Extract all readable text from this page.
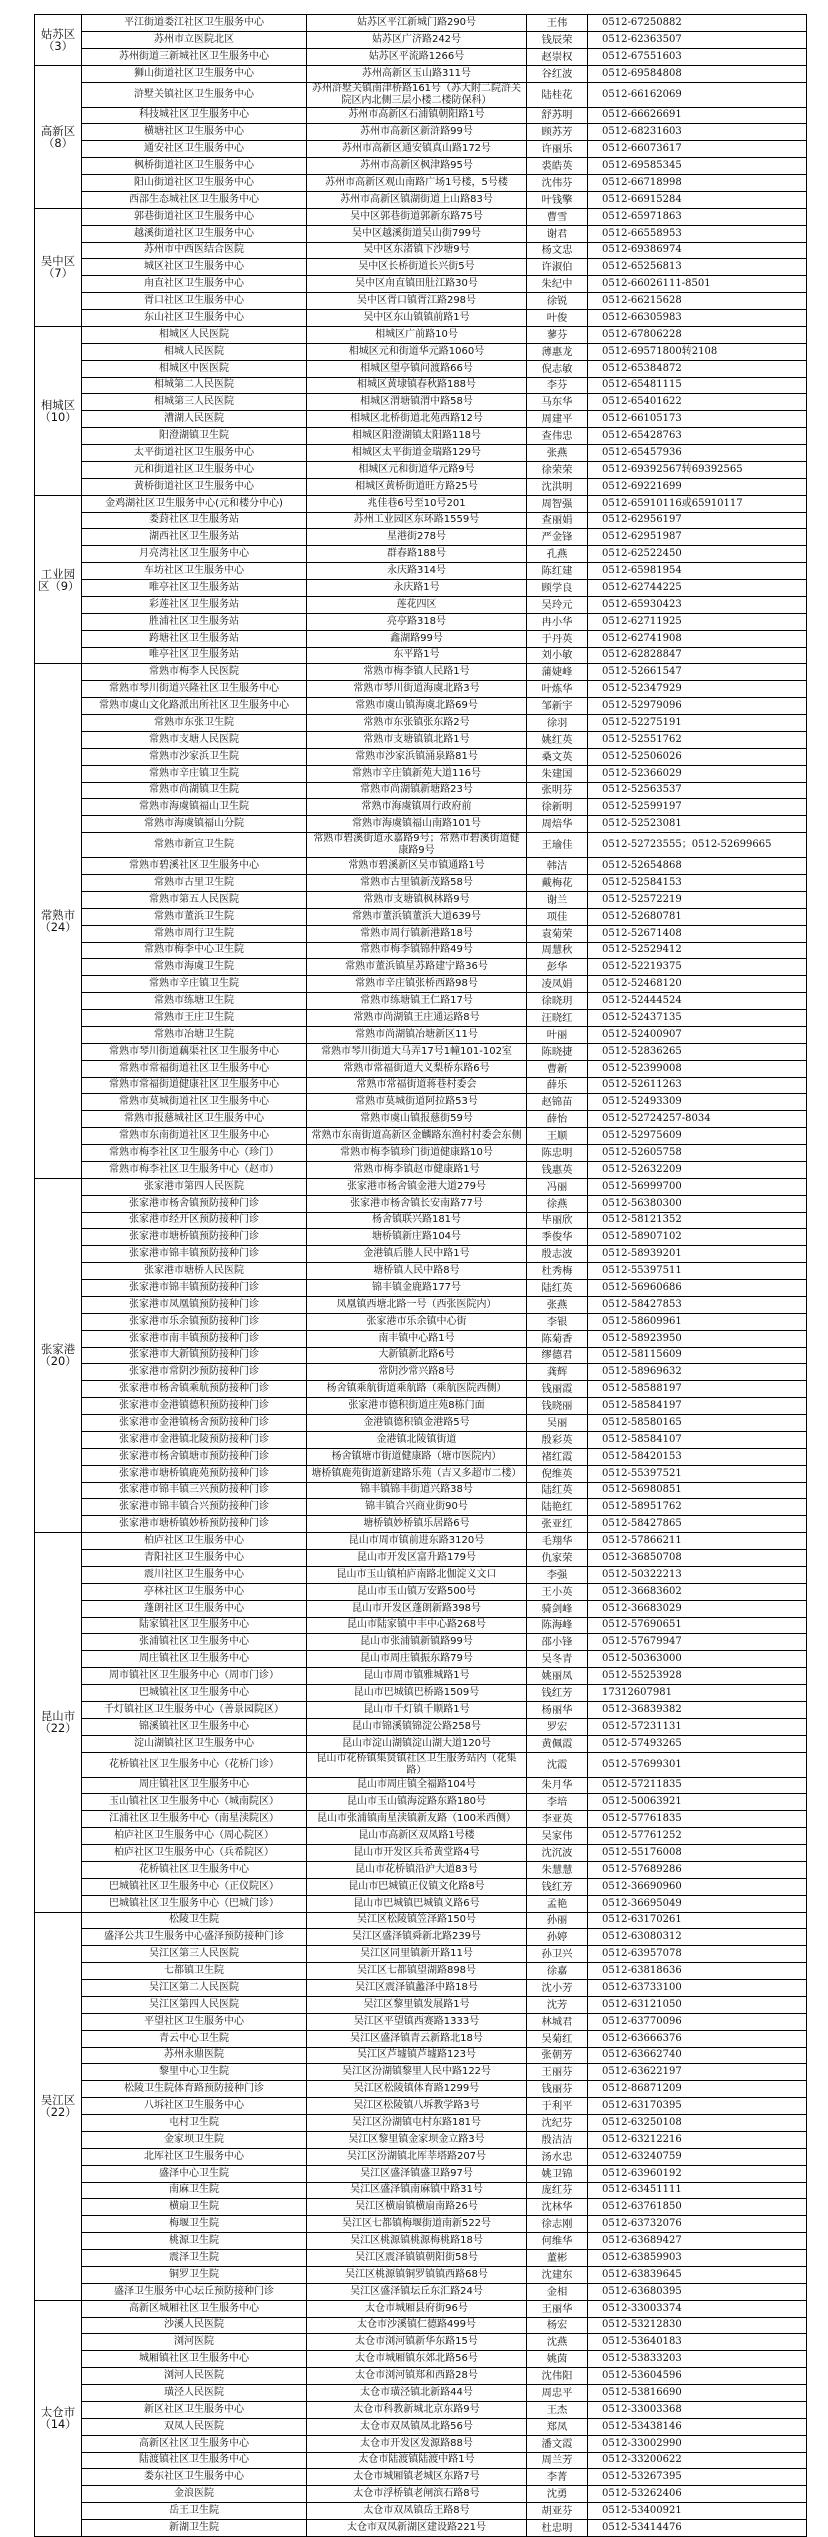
姑苏区（3）	平江街道娄江社区卫生服务中心	姑苏区平江新城门路290号	王伟	0512-67250882
	苏州市立医院北区	姑苏区广济路242号	钱辰荣	0512-62363507
	苏州街道三新城社区卫生服务中心	姑苏区平流路1266号	赵崇权	0512-67551603
高新区（8）	狮山街道社区卫生服务中心	苏州高新区玉山路311号	谷红波	0512-69584808
	浒墅关镇社区卫生服务中心	苏州浒墅关镇南津桥路161号（苏大附二院浒关院区内北侧三层小楼二楼防保科）	陆桂花	0512-66162069
	科技城社区卫生服务中心	苏州市高新区石浦镇朝阳路1号	舒苏明	0512-66626691
	横塘社区卫生服务中心	苏州市高新区新浒路99号	顾苏芳	0512-68231603
	通安社区卫生服务中心	苏州市高新区通安镇真山路172号	许丽乐	0512-66073617
	枫桥街道社区卫生服务中心	苏州市高新区枫津路95号	裘皓英	0512-69585345
	阳山街道社区卫生服务中心	苏州市高新区观山南路广场1号楼，5号楼	沈伟芬	0512-66718998
	西部生态城社区卫生服务中心	苏州市高新区镇湖街道上山路83号	叶钱擎	0512-66915284
吴中区（7）	郭巷街道社区卫生服务中心	吴中区郭巷街道郭新东路75号	曹雪	0512-65971863
	越溪街道社区卫生服务中心	吴中区越溪街道吴山街799号	谢君	0512-66558953
	苏州市中西医结合医院	吴中区东渚镇下沙塘9号	杨文忠	0512-69386974
	城区社区卫生服务中心	吴中区长桥街道长兴街5号	许淑伯	0512-65256813
	甪直社区卫生服务中心	吴中区甪直镇田肚江路30号	朱纪中	0512-66026111-8501
	胥口社区卫生服务中心	吴中区胥口镇胥江路298号	徐锐	0512-66215628
	东山社区卫生服务中心	吴中区东山镇镇前路1号	叶俊	0512-66305983
相城区（10）	相城区人民医院	相城区广前路10号	蓼芬	0512-67806228
	相城人民医院	相城区元和街道华元路1060号	薄惠龙	0512-69571800转2108
	相城区中医医院	相城区望亭镇问渡路66号	倪志敏	0512-65384872
	相城第二人民医院	相城区黄埭镇春秋路188号	李芬	0512-65481115
	相城第三人民医院	相城区渭塘镇渭中路58号	马东华	0512-65401622
	漕湖人民医院	相城区北桥街道北苑西路12号	周建平	0512-66105173
	阳澄湖镇卫生院	相城区阳澄湖镇太阳路118号	查伟忠	0512-65428763
	太平街道社区卫生服务中心	相城区太平街道金瑞路129号	张燕	0512-65457936
	元和街道社区卫生服务中心	相城区元和街道华元路9号	徐荣荣	0512-69392567转69392565
	黄桥街道社区卫生服务中心	相城区黄桥街道旺方路25号	沈洪明	0512-69221699
工业园区（9）	金鸡湖社区卫生服务中心(元和楼分中心)	兆佳巷6号至10号201	周智强	0512-65910116或65910117
	娄葑社区卫生服务站	苏州工业园区东环路1559号	查丽娟	0512-62956197
	湖西社区卫生服务站	星港街278号	严金锋	0512-62951987
	月亮湾社区卫生服务中心	群春路188号	孔燕	0512-62522450
	车坊社区卫生服务中心	永庆路314号	陈红建	0512-65981954
	唯亭社区卫生服务站	永庆路1号	顾学良	0512-62744225
	彩莲社区卫生服务站	莲花四区	吴玲元	0512-65930423
	胜浦社区卫生服务站	亮亭路318号	冉小华	0512-62711925
	跨塘社区卫生服务站	鑫湖路99号	于丹英	0512-62741908
	唯亭社区卫生服务站	东平路1号	刘小敏	0512-62828847
常熟市（24）	常熟市梅李人民医院	常熟市梅李镇人民路1号	蒲婕峰	0512-52661547
	常熟市琴川街道兴隆社区卫生服务中心	常熟市琴川街道海虞北路3号	叶炼华	0512-52347929
	常熟市虞山文化路派出所社区卫生服务中心	常熟市虞山镇海虞北路69号	邹新宇	0512-52979096
	常熟市东张卫生院	常熟市东张镇张东路2号	徐羽	0512-52275191
	常熟市支塘人民医院	常熟市支塘镇镇北路1号	姚红英	0512-52551762
	常熟市沙家浜卫生院	常熟市沙家浜镇涌泉路81号	桑文英	0512-52506026
	常熟市辛庄镇卫生院	常熟市辛庄镇新苑大道116号	朱建国	0512-52366029
	常熟市尚湖镇卫生院	常熟市尚湖镇新塘路23号	张明芬	0512-52563537
	常熟市海虞镇福山卫生院	常熟市海虞镇周行政府前	徐新明	0512-52599197
	常熟市海虞镇福山分院	常熟市海虞镇福山南路101号	周焙华	0512-52523081
	常熟市新宣卫生院	常熟市碧溪街道永嘉路9号；常熟市碧溪街道健康路9号	王瑜佳	0512-52723555；0512-52699665
	常熟市碧溪社区卫生服务中心	常熟市碧溪新区吴市镇通路1号	韩洁	0512-52654868
	常熟市古里卫生院	常熟市古里镇新茂路58号	戴梅花	0512-52584153
	常熟市第五人民医院	常熟市支塘镇枫林路9号	谢兰	0512-52572219
	常熟市董浜卫生院	常熟市董浜镇董浜大道639号	项佳	0512-52680781
	常熟市周行卫生院	常熟市周行镇新港路18号	袁菊荣	0512-52671408
	常熟市梅李中心卫生院	常熟市梅李镇锦仲路49号	周慧秋	0512-52529412
	常熟市海虞卫生院	常熟市董浜镇星苏路建宁路36号	彭华	0512-52219375
	常熟市辛庄镇卫生院	常熟市辛庄镇张桥西路98号	凌凤娟	0512-52468120
	常熟市练塘卫生院	常熟市练塘镇王仁路17号	徐晓玥	0512-52444524
	常熟市王庄卫生院	常熟市尚湖镇王庄通运路8号	汪晓红	0512-52437135
	常熟市冶塘卫生院	常熟市尚湖镇冶塘新区11号	叶丽	0512-52400907
	常熟市琴川街道藕渠社区卫生服务中心	常熟市琴川街道大马弄17号1幢101-102室	陈晓捷	0512-52836265
	常熟市常福街道社区卫生服务中心	常熟市常福街道大义梨桥东路6号	曹新	0512-52399008
	常熟市常福街道健康社区卫生服务中心	常熟市常福街道蒋巷村委会	薛乐	0512-52611263
	常熟市莫城街道社区卫生服务中心	常熟市莫城街道阿拉路53号	赵锦苗	0512-52493309
	常熟市报慈城社区卫生服务中心	常熟市虞山镇报慈街59号	薛怡	0512-52724257-8034
	常熟市东南街道社区卫生服务中心	常熟市东南街道高新区金麟路东渔村村委会东侧	王顺	0512-52975609
	常熟市梅李社区卫生服务中心（珍门）	常熟市梅李镇珍门街道健康路10号	陈忠明	0512-52605758
	常熟市梅李社区卫生服务中心（赵市）	常熟市梅李镇赵市健康路1号	钱惠英	0512-52632209
张家港（20）	张家港市第四人民医院	张家港市杨舍镇金港大道279号	冯丽	0512-56999700
	张家港市杨舍镇预防接种门诊	张家港市杨舍镇长安南路77号	徐燕	0512-56380300
	张家港市经开区预防接种门诊	杨舍镇联兴路181号	毕丽欣	0512-58121352
	张家港市塘桥镇预防接种门诊	塘桥镇新庄路104号	季俊华	0512-58907102
	张家港市锦丰镇预防接种门诊	金港镇后塍人民中路1号	殷志波	0512-58939201
	张家港市塘桥人民医院	塘桥镇人民中路8号	杜秀梅	0512-55397511
	张家港市锦丰镇预防接种门诊	锦丰镇金鹿路177号	陆红英	0512-56960686
	张家港市凤凰镇预防接种门诊	凤凰镇西塘北路一号（西张医院内）	张燕	0512-58427853
	张家港市乐余镇预防接种门诊	张家港市乐余镇中心街	李银	0512-58609961
	张家港市南丰镇预防接种门诊	南丰镇中心路1号	陈菊香	0512-58923950
	张家港市大新镇预防接种门诊	大新镇新北路6号	缪德君	0512-58115609
	张家港市常阴沙预防接种门诊	常阴沙常兴路8号	龚辉	0512-58969632
	张家港市杨舍镇乘航预防接种门诊	杨舍镇乘航街道乘航路（乘航医院西侧）	钱丽霞	0512-58588197
	张家港市金港镇德积预防接种门诊	张家港市德积街道庄苑8栋门面	钱晓丽	0512-58584197
	张家港市金港镇杨舍预防接种门诊	金港镇德积镇金港路5号	吴丽	0512-58580165
	张家港市金港镇北陵预防接种门诊	金港镇北陵镇街道	殷彩英	0512-58584107
	张家港市杨舍镇塘市预防接种门诊	杨舍镇塘市街道健康路（塘市医院内）	褚红霞	0512-58420153
	张家港市塘桥镇鹿苑预防接种门诊	塘桥镇鹿苑街道新建路乐苑（吉又多超市二楼）	倪维英	0512-55397521
	张家港市锦丰镇三兴预防接种门诊	锦丰镇锦丰街道兴路38号	陆红英	0512-56980851
	张家港市锦丰镇合兴预防接种门诊	锦丰镇合兴商业街90号	陆艳红	0512-58951762
	张家港市塘桥镇妙桥预防接种门诊	塘桥镇妙桥镇乐居路6号	张亚红	0512-58427865
昆山市（22）	柏庐社区卫生服务中心	昆山市周市镇前进东路3120号	毛翔华	0512-57866211
	青阳社区卫生服务中心	昆山市开发区富升路179号	仇家荣	0512-36850708
	震川社区卫生服务中心	昆山市玉山镇柏庐南路北伽淀义文口	李强	0512-50322213
	亭林社区卫生服务中心	昆山市玉山镇万安路500号	王小英	0512-36683602
	蓬朗社区卫生服务中心	昆山市开发区蓬朗新路398号	骑剑峰	0512-36683029
	陆家镇社区卫生服务中心	昆山市陆家镇中丰中心路268号	陈海峰	0512-57690651
	张浦镇社区卫生服务中心	昆山市张浦镇新镇路99号	邵小锋	0512-57679947
	周庄镇社区卫生服务中心	昆山市周庄镇振东路79号	吴冬青	0512-50363000
	周市镇社区卫生服务中心（周市门诊）	昆山市周市镇雅城路1号	姚丽凤	0512-55253928
	巴城镇社区卫生服务中心	昆山市巴城镇巴桥路1509号	钱红芳	17312607981
	千灯镇社区卫生服务中心（善景园院区）	昆山市千灯镇千顺路1号	杨丽华	0512-36839382
	锦溪镇社区卫生服务中心	昆山市锦溪镇锦淀公路258号	罗宏	0512-57231131
	淀山湖镇社区卫生服务中心	昆山市淀山湖镇淀山湖大道120号	黄佩霞	0512-57493265
	花桥镇社区卫生服务中心（花桥门诊）	昆山市花桥镇集贤镇社区卫生服务站内（花集路）	沈霞	0512-57699301
	周庄镇社区卫生服务中心	昆山市周庄镇全福路104号	朱月华	0512-57211835
	玉山镇社区卫生服务中心（城南院区）	昆山市玉山镇海淀路东路180号	李培	0512-50063921
	江浦社区卫生服务中心（南星渎院区）	昆山市张浦镇南星渎镇新友路（100米西侧）	李亚英	0512-57761835
	柏庐社区卫生服务中心（周心院区）	昆山市高新区双凤路1号楼	吴家伟	0512-57761252
	柏庐社区卫生服务中心（兵希院区）	昆山市开发区兵希黄堂路4号	沈沉波	0512-55176008
	花桥镇社区卫生服务中心	昆山市花桥镇沿沪大道83号	朱慧慧	0512-57689286
	巴城镇社区卫生服务中心（正仪院区）	昆山市巴城镇正仪镇文化路8号	钱红芳	0512-36690960
	巴城镇社区卫生服务中心（巴城门诊）	昆山市巴城镇巴城镇义路6号	孟艳	0512-36695049
吴江区（22）	松陵卫生院	吴江区松陵镇笠泽路150号	孙丽	0512-63170261
	盛泽公共卫生服务中心盛泽预防接种门诊	吴江区盛泽镇舜新北路239号	孙婷	0512-63080312
	吴江区第三人民医院	吴江区同里镇新开路11号	孙卫兴	0512-63957078
	七都镇卫生院	吴江区七都镇望湖路898号	徐嘉	0512-63818636
	吴江区第二人民医院	吴江区震泽镇蠡泽中路18号	沈小芳	0512-63733100
	吴江区第四人民医院	吴江区黎里镇发展路1号	沈芳	0512-63121050
	平望社区卫生服务中心	吴江区平望镇西赛路1333号	林城君	0512-63770096
	青云中心卫生院	吴江区盛泽镇青云新路北18号	吴菊红	0512-63666376
	苏州永鼎医院	吴江区芦墟镇芦墟路123号	张朝芳	0512-63662740
	黎里中心卫生院	吴江区汾湖镇黎里人民中路122号	王丽芬	0512-63622197
	松陵卫生院体育路预防接种门诊	吴江区松陵镇体育路1299号	钱丽芬	0512-86871209
	八坼社区卫生服务中心	吴江区松陵镇八坼教学路3号	于利平	0512-63170395
	屯村卫生院	吴江区汾湖镇屯村东路181号	沈纪芬	0512-63250108
	金家坝卫生院	吴江区黎里镇金家坝金立路3号	殷洁洁	0512-63212216
	北厍社区卫生服务中心	吴江区汾湖镇北厍莘塔路207号	汤水忠	0512-63240759
	盛泽中心卫生院	吴江区盛泽镇盛卫路97号	姚卫锦	0512-63960192
	南麻卫生院	吴江区盛泽镇南麻镇中路31号	庞红芬	0512-63451111
	横扇卫生院	吴江区横扇镇横扇南路26号	沈林华	0512-63761850
	梅堰卫生院	吴江区七都镇梅堰街道南新522号	徐志刚	0512-63732076
	桃源卫生院	吴江区桃源镇桃源梅桃路18号	何维华	0512-63689427
	震泽卫生院	吴江区震泽镇镇朝阳街58号	董彬	0512-63859903
	铜罗卫生院	吴江区桃源镇铜罗镇镇西路68号	沈建东	0512-63839645
	盛泽卫生服务中心坛丘预防接种门诊	吴江区盛泽镇坛丘东汇路24号	金相	0512-63680395
太仓市（14）	高新区城厢社区卫生服务中心	太仓市城厢县府街96号	王丽华	0512-33003374
	沙溪人民医院	太仓市沙溪镇仁德路499号	杨宏	0512-53212830
	浏河医院	太仓市浏河镇新华东路15号	沈燕	0512-53640183
	城厢镇社区卫生服务中心	太仓市城厢镇东郊北路56号	姚茵	0512-53833203
	浏河人民医院	太仓市浏河镇郑和西路28号	沈伟阳	0512-53604596
	璜泾人民医院	太仓市璜泾镇北新路44号	周忠平	0512-53816690
	新区社区卫生服务中心	太仓市科教新城北京东路9号	王杰	0512-33003368
	双凤人民医院	太仓市双凤镇凤北路56号	郑凤	0512-53438146
	高新区社区卫生服务中心	太仓市开发区发源路88号	潘文霞	0512-33002990
	陆渡镇社区卫生服务中心	太仓市陆渡镇陆渡中路1号	周兰芳	0512-33200622
	娄东社区卫生服务中心	太仓市城厢镇老城区东路7号	李菁	0512-53267395
	金浪医院	太仓市浮桥镇老闸滨石路8号	沈勇	0512-53262406
	岳王卫生院	太仓市双凤镇岳王路8号	胡亚芬	0512-53400921
	新湖卫生院	太仓市双凤新湖区建设路221号	杜忠明	0512-53414476
